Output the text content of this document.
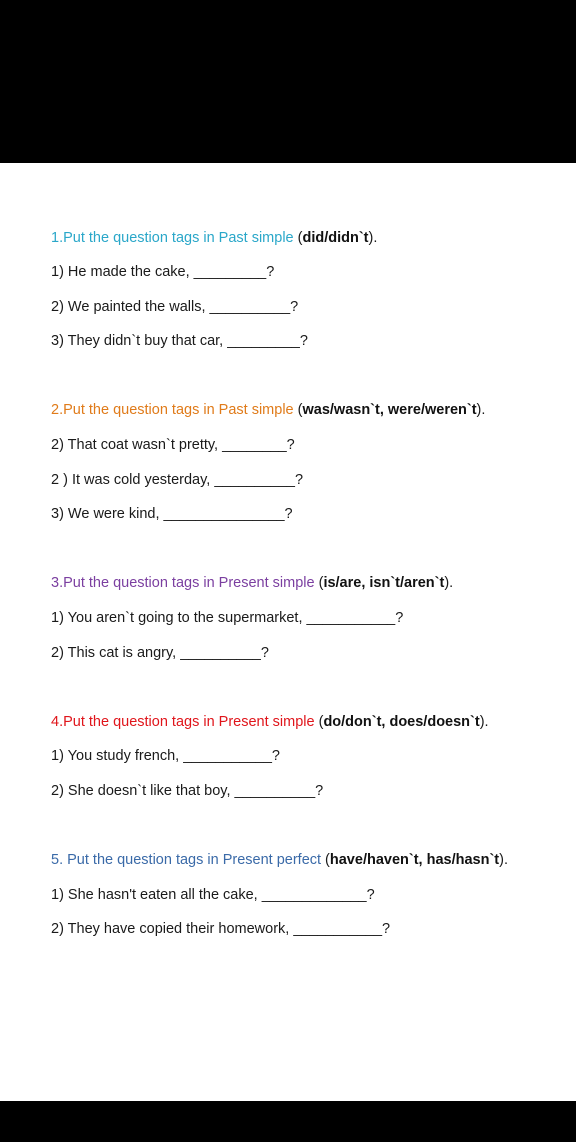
1.Put the question tags in Past simple (did/didn`t).
1) He made the cake, _________?
2) We painted the walls, __________?
3) They didn`t buy that car, _________?
2.Put the question tags in Past simple (was/wasn`t, were/weren`t).
2) That coat wasn`t pretty, ________?
2 ) It was cold yesterday, __________?
3) We were kind, _______________?
3.Put the question tags in Present simple (is/are, isn`t/aren`t).
1) You aren`t going to the supermarket, ___________?
2) This cat is angry, __________?
4.Put the question tags in Present simple (do/don`t, does/doesn`t).
1) You study french, ___________?
2) She doesn`t like that boy, __________?
5. Put the question tags in Present perfect (have/haven`t, has/hasn`t).
1) She hasn't eaten all the cake, _____________?
2) They have copied their homework, ___________?
